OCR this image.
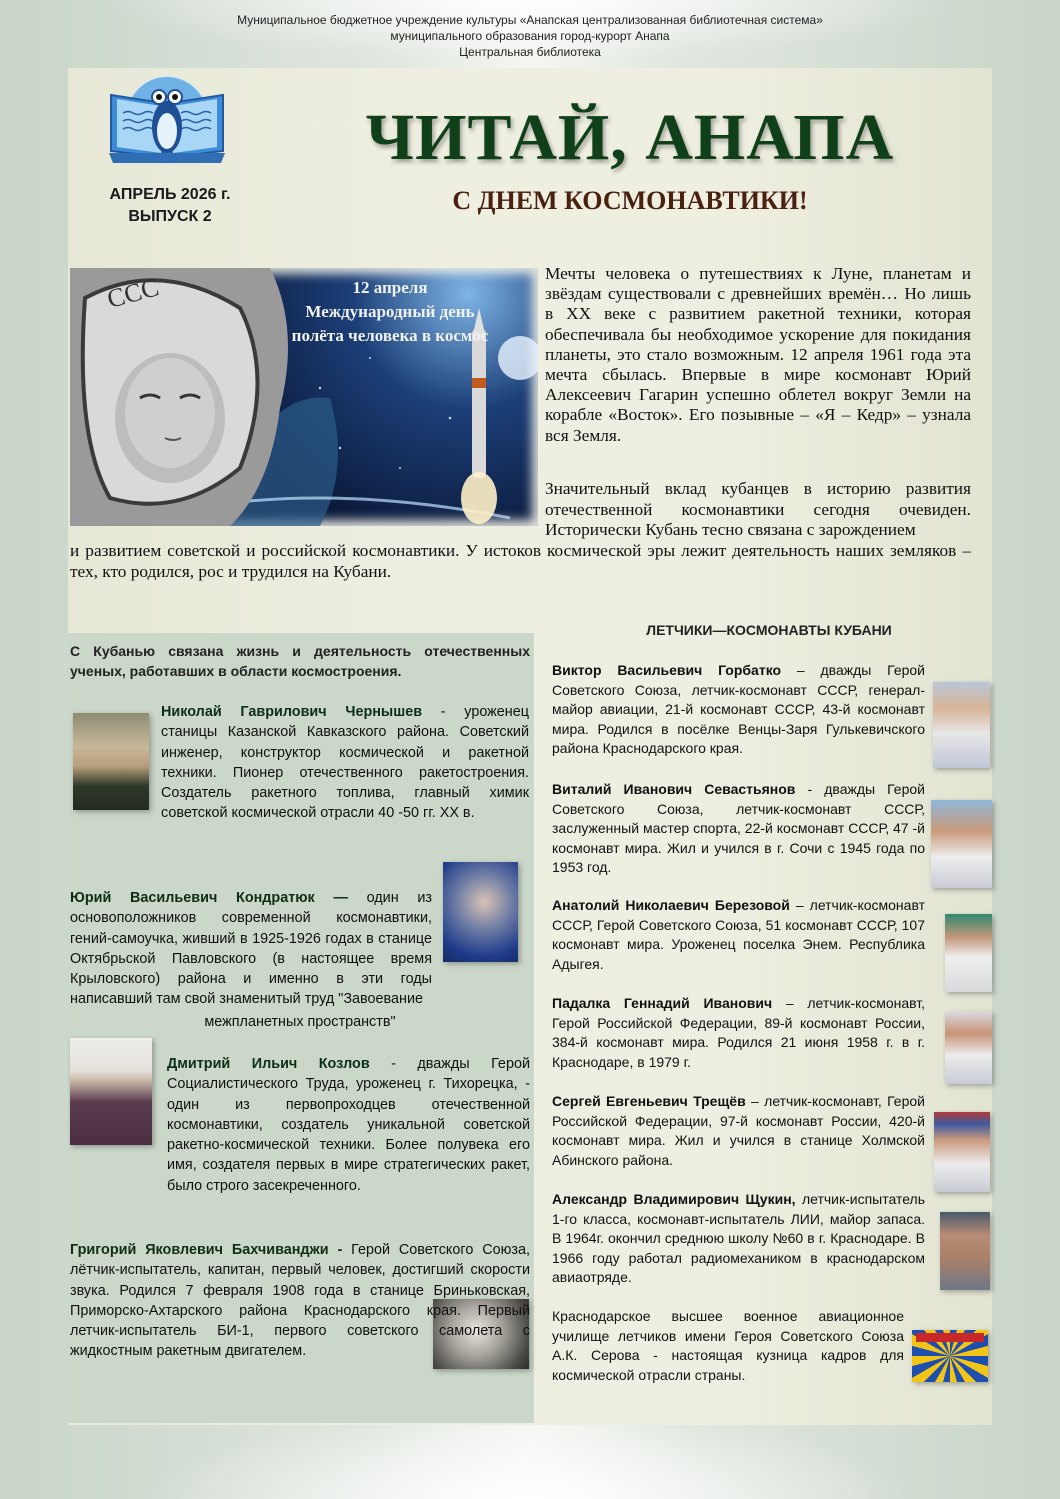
Муниципальное бюджетное учреждение культуры «Анапская централизованная библиотечная система»
муниципального образования город-курорт Анапа
Центральная библиотека
АПРЕЛЬ 2026 г.
ВЫПУСК 2
ЧИТАЙ, АНАПА
С ДНЕМ КОСМОНАВТИКИ!
ССС	12 апреля
Международный день
полёта человека в космос

Мечты человека о путешествиях к Луне, планетам и звёздам существовали с древнейших времён… Но лишь в XX веке с развитием ракетной техники, которая обеспечивала бы необходимое ускорение для покидания планеты, это стало возможным. 12 апреля 1961 года эта мечта сбылась. Впервые в мире космонавт Юрий Алексеевич Гагарин успешно облетел вокруг Земли на корабле «Восток». Его позывные – «Я – Кедр» – узнала вся Земля.

Значительный вклад кубанцев в историю развития отечественной космонавтики сегодня очевиден. Исторически Кубань тесно связана с зарождением
и развитием советской и российской космонавтики. У истоков космической эры лежит деятельность наших земляков – тех, кто родился, рос и трудился на Кубани.
С Кубанью связана жизнь и деятельность отечественных ученых, работавших в области космостроения.
Николай Гаврилович Чернышев - уроженец станицы Казанской Кавказского района. Советский инженер, конструктор космической и ракетной техники. Пионер отечественного ракетостроения. Создатель ракетного топлива, главный химик советской космической отрасли 40 -50 гг. XX в.
Юрий Васильевич Кондратюк — один из основоположников современной космонавтики, гений-самоучка, живший в 1925-1926 годах в станице Октябрьской Павловского (в настоящее время Крыловского) района и именно в эти годы написавший там свой знаменитый труд "Завоевание
межпланетных пространств"
Дмитрий Ильич Козлов - дважды Герой Социалистического Труда, уроженец г. Тихорецка, - один из первопроходцев отечественной космонавтики, создатель уникальной советской ракетно-космической техники. Более полувека его имя, создателя первых в мире стратегических ракет, было строго засекреченного.
Григорий Яковлевич Бахчиванджи - Герой Советского Союза, лётчик-испытатель, капитан, первый человек, достигший скорости звука. Родился 7 февраля 1908 года в станице Бриньковская, Приморско-Ахтарского района Краснодарского края. Первый летчик-испытатель БИ-1, первого советского самолета с жидкостным ракетным двигателем.
ЛЕТЧИКИ—КОСМОНАВТЫ КУБАНИ
Виктор Васильевич Горбатко – дважды Герой Советского Союза, летчик-космонавт СССР, генерал-майор авиации, 21-й космонавт СССР, 43-й космонавт мира. Родился в посёлке Венцы-Заря Гулькевичского района Краснодарского края.
Виталий Иванович Севастьянов - дважды Герой Советского Союза, летчик-космонавт СССР, заслуженный мастер спорта, 22-й космонавт СССР, 47 -й космонавт мира. Жил и учился в г. Сочи с 1945 года по 1953 год.
Анатолий Николаевич Березовой – летчик-космонавт СССР, Герой Советского Союза, 51 космонавт СССР, 107 космонавт мира. Уроженец поселка Энем. Республика Адыгея.
Падалка Геннадий Иванович – летчик-космонавт, Герой Российской Федерации, 89-й космонавт России, 384-й космонавт мира. Родился 21 июня 1958 г. в г. Краснодаре, в 1979 г.
Сергей Евгеньевич Трещёв – летчик-космонавт, Герой Российской Федерации, 97-й космонавт России, 420-й космонавт мира. Жил и учился в станице Холмской Абинского района.
Александр Владимирович Щукин, летчик-испытатель 1-го класса, космонавт-испытатель ЛИИ, майор запаса. В 1964г. окончил среднюю школу №60 в г. Краснодаре. В 1966 году работал радиомехаником в краснодарском авиаотряде.
Краснодарское высшее военное авиационное училище летчиков имени Героя Советского Союза А.К. Серова - настоящая кузница кадров для космической отрасли страны.
